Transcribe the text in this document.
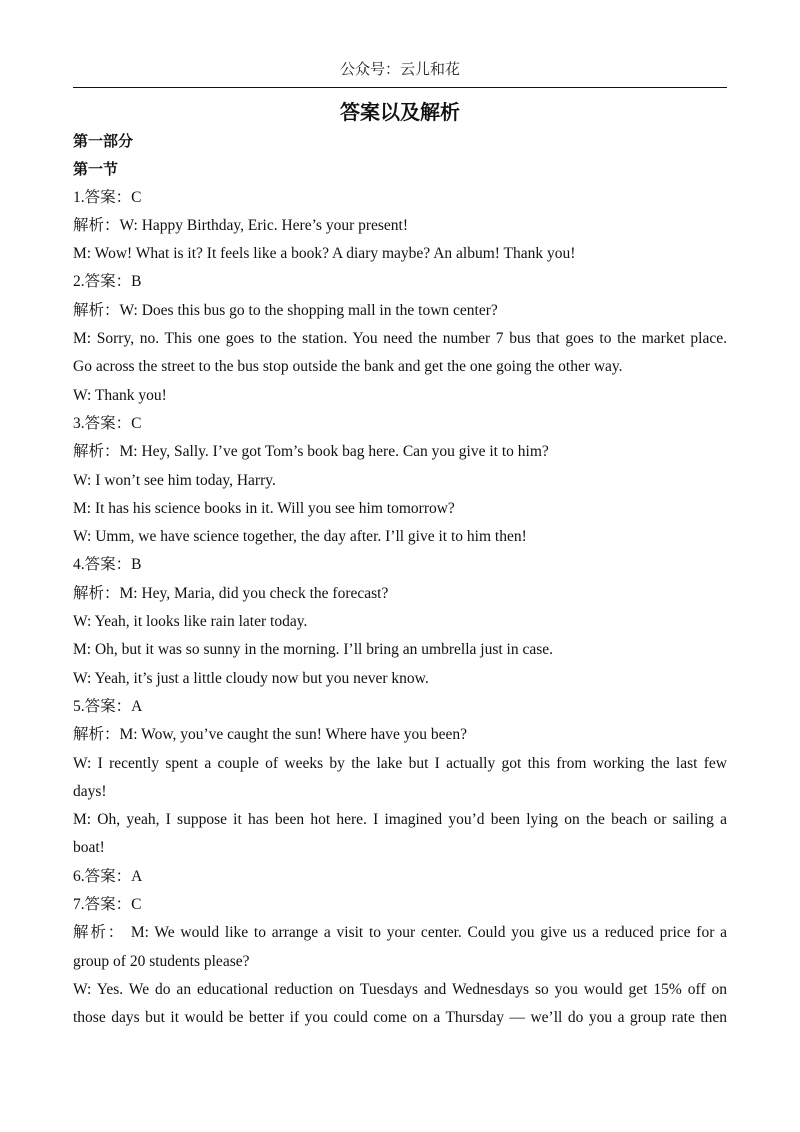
公众号：云儿和花
答案以及解析
第一部分
第一节
1.答案：C
解析：W: Happy Birthday, Eric. Here’s your present!
M: Wow! What is it? It feels like a book? A diary maybe? An album! Thank you!
2.答案：B
解析：W: Does this bus go to the shopping mall in the town center?
M: Sorry, no. This one goes to the station. You need the number 7 bus that goes to the market place.
Go across the street to the bus stop outside the bank and get the one going the other way.
W: Thank you!
3.答案：C
解析：M: Hey, Sally. I’ve got Tom’s book bag here. Can you give it to him?
W: I won’t see him today, Harry.
M: It has his science books in it. Will you see him tomorrow?
W: Umm, we have science together, the day after. I’ll give it to him then!
4.答案：B
解析：M: Hey, Maria, did you check the forecast?
W: Yeah, it looks like rain later today.
M: Oh, but it was so sunny in the morning. I’ll bring an umbrella just in case.
W: Yeah, it’s just a little cloudy now but you never know.
5.答案：A
解析：M: Wow, you’ve caught the sun! Where have you been?
W: I recently spent a couple of weeks by the lake but I actually got this from working the last few
days!
M: Oh, yeah, I suppose it has been hot here. I imagined you’d been lying on the beach or sailing a
boat!
6.答案：A
7.答案：C
解析： M: We would like to arrange a visit to your center. Could you give us a reduced price for a
group of 20 students please?
W: Yes. We do an educational reduction on Tuesdays and Wednesdays so you would get 15% off on
those days but it would be better if you could come on a Thursday — we’ll do you a group rate then
